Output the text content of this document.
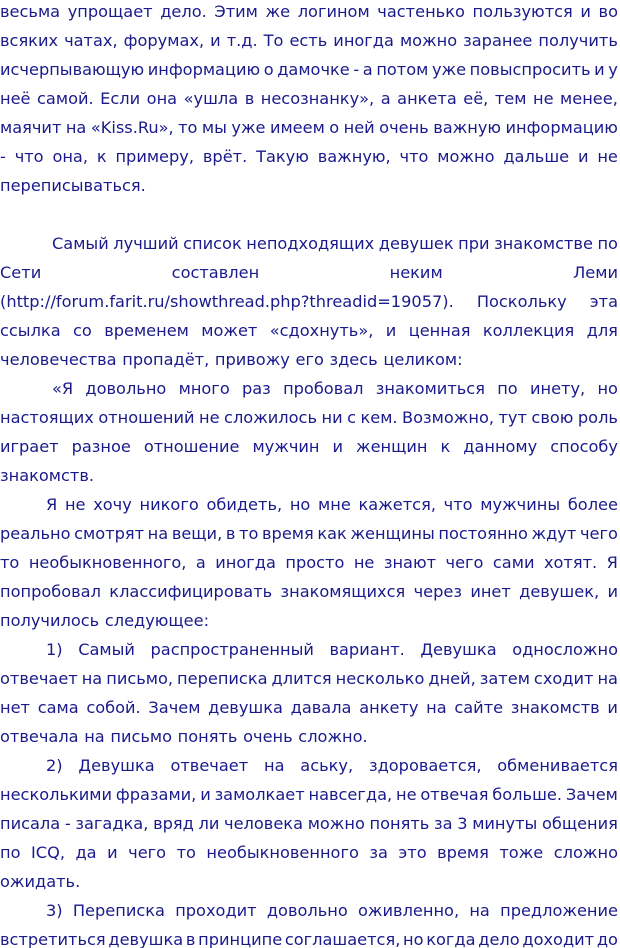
весьма упрощает дело. Этим же логином частенько пользуются и во
всяких чатах, форумах, и т.д. То есть иногда можно заранее получить
исчерпывающую информацию о дамочке - а потом уже повыспросить и у
неё самой. Если она «ушла в несознанку», а анкета её, тем не менее,
маячит на «Kiss.Ru», то мы уже имеем о ней очень важную информацию
- что она, к примеру, врёт. Такую важную, что можно дальше и не
переписываться.
Самый лучший список неподходящих девушек при знакомстве по
Сети	составлен	неким	Леми
(http://forum.farit.ru/showthread.php?threadid=19057). Поскольку эта
ссылка со временем может «сдохнуть», и ценная коллекция для
человечества пропадёт, привожу его здесь целиком:
«Я довольно много раз пробовал знакомиться по инету, но
настоящих отношений не сложилось ни с кем. Возможно, тут свою роль
играет разное отношение мужчин и женщин к данному способу
знакомств.
Я не хочу никого обидеть, но мне кажется, что мужчины более
реально смотрят на вещи, в то время как женщины постоянно ждут чего
то необыкновенного, а иногда просто не знают чего сами хотят. Я
попробовал классифицировать знакомящихся через инет девушек, и
получилось следующее:
1) Самый распространенный вариант. Девушка односложно
отвечает на письмо, переписка длится несколько дней, затем сходит на
нет сама собой. Зачем девушка давала анкету на сайте знакомств и
отвечала на письмо понять очень сложно.
2) Девушка отвечает на аську, здоровается, обменивается
несколькими фразами, и замолкает навсегда, не отвечая больше. Зачем
писала - загадка, вряд ли человека можно понять за 3 минуты общения
по ICQ, да и чего то необыкновенного за это время тоже сложно
ожидать.
3) Переписка проходит довольно оживленно, на предложение
встретиться девушка в принципе соглашается, но когда дело доходит до
